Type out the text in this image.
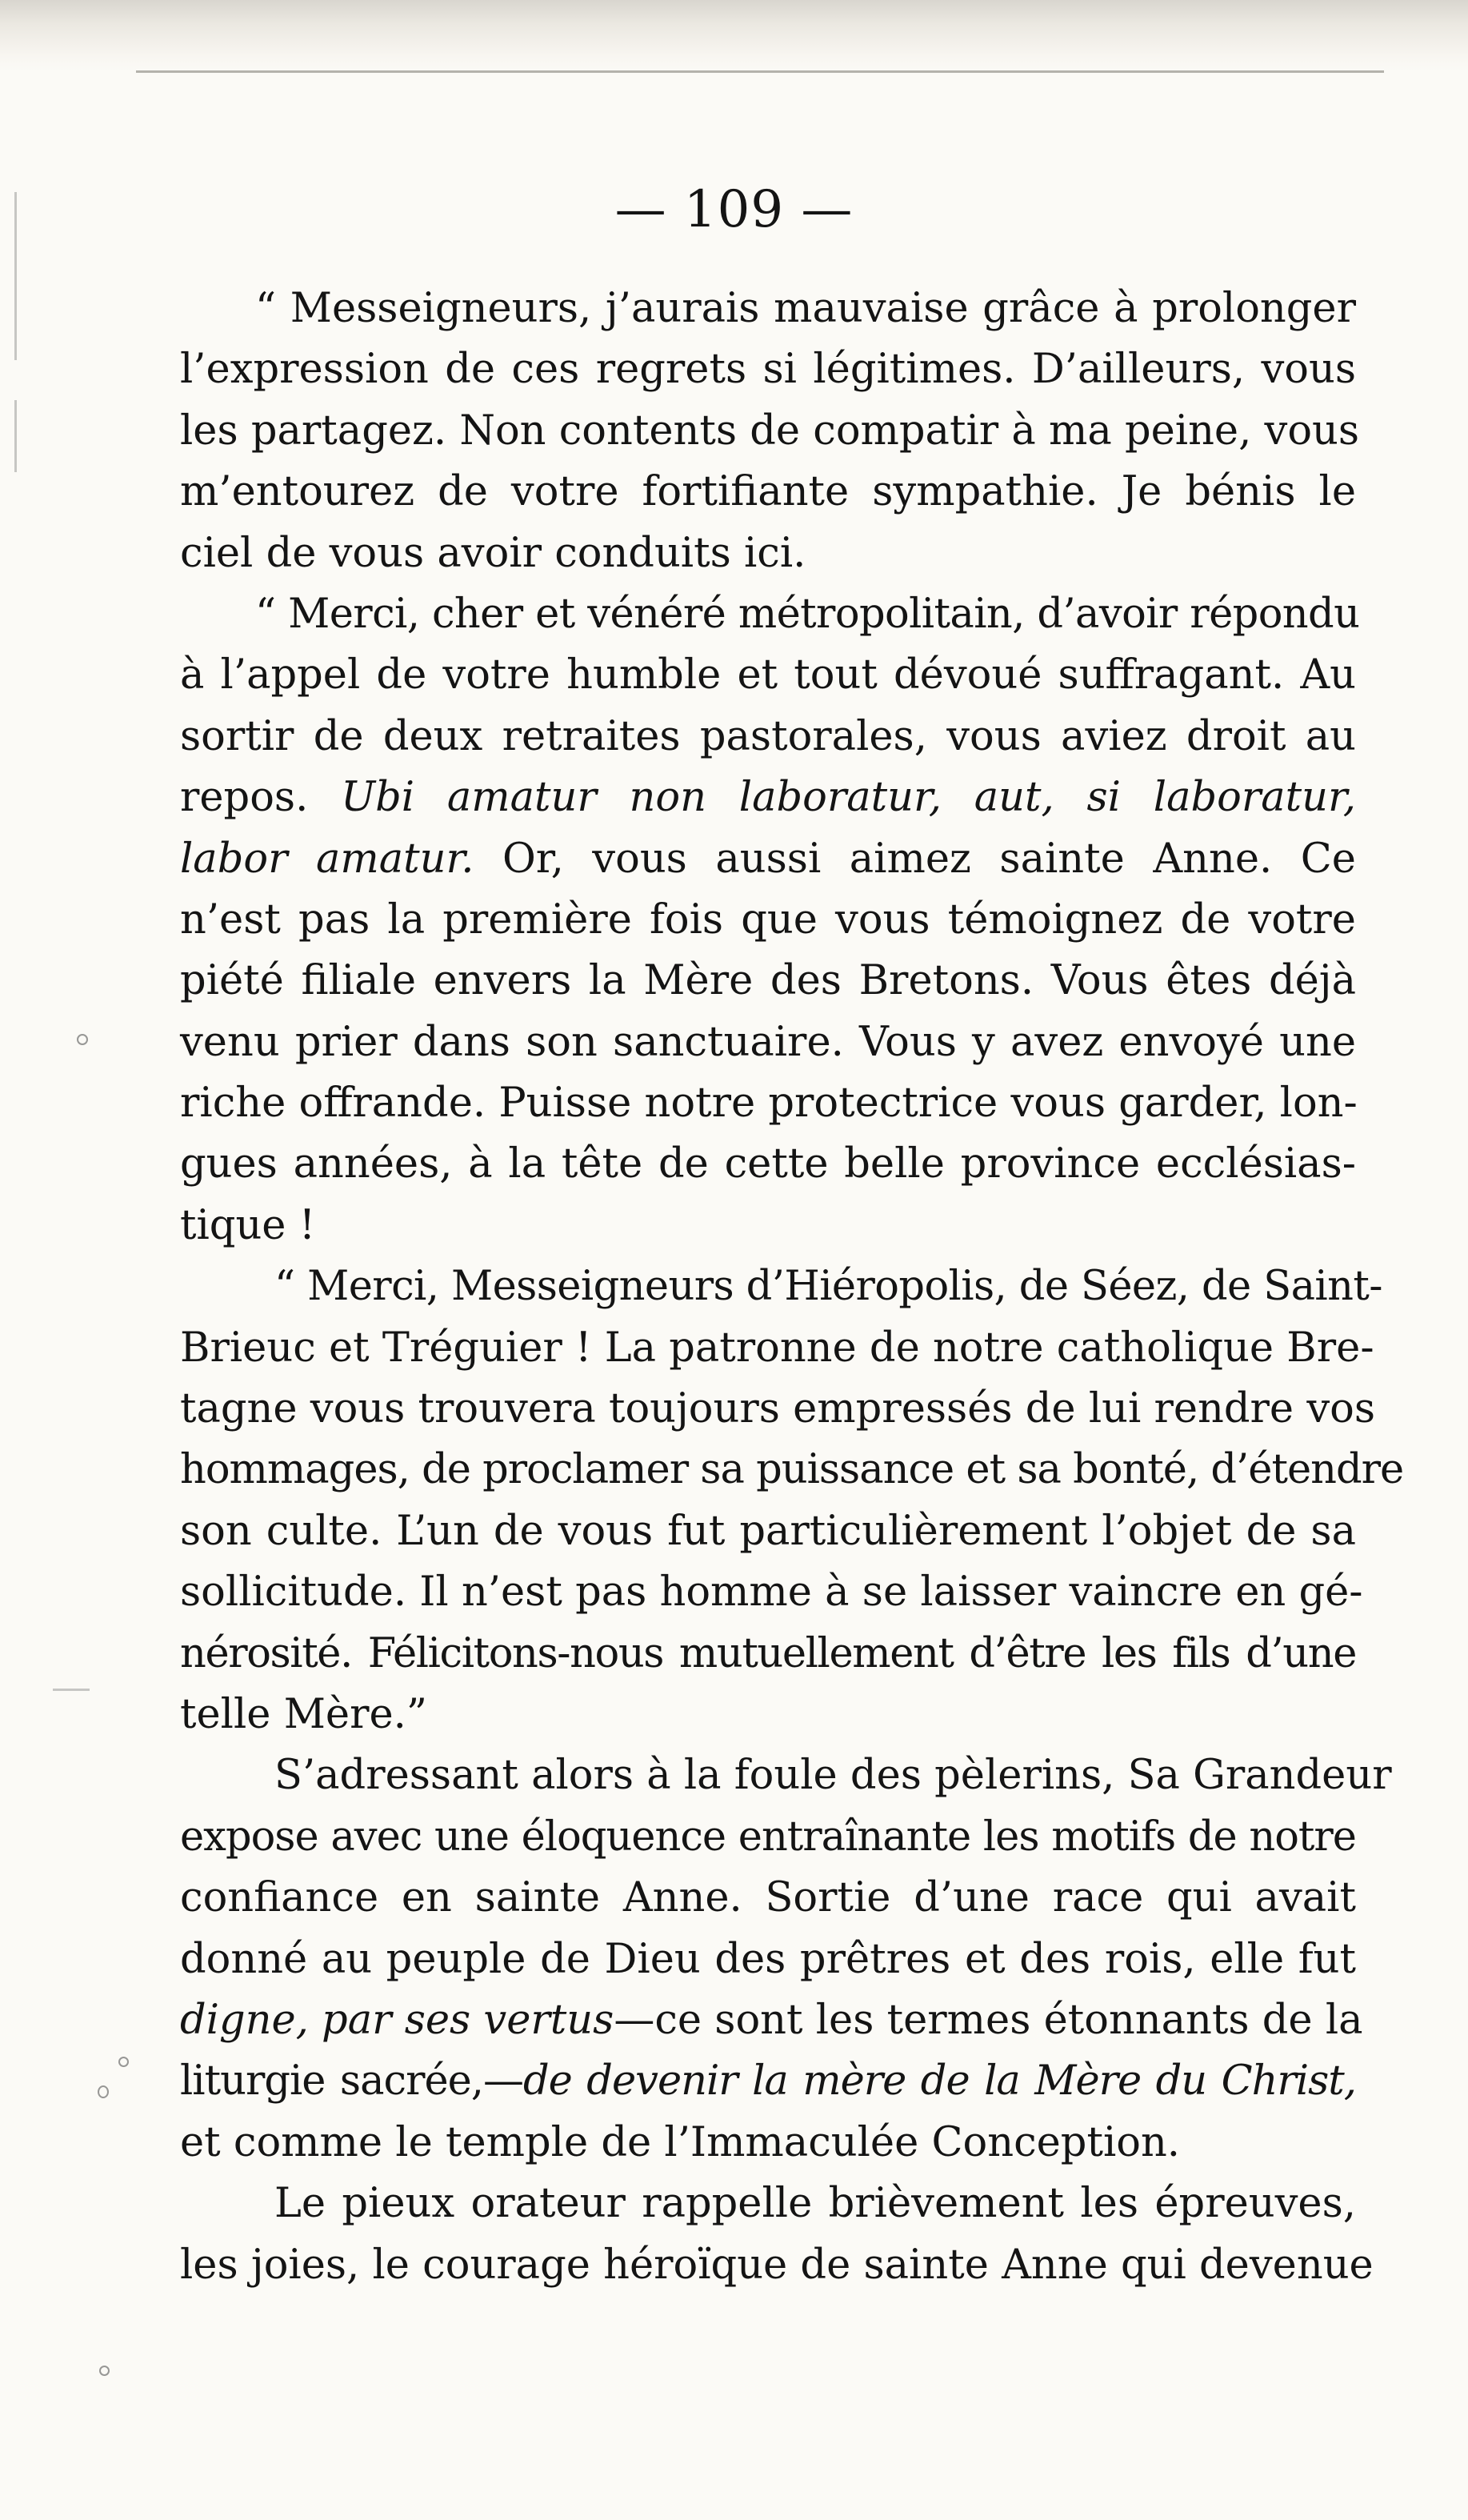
— 109 —
“ Messeigneurs, j’aurais mauvaise grâce à prolonger
l’expression de ces regrets si légitimes. D’ailleurs, vous
les partagez. Non contents de compatir à ma peine, vous
m’entourez de votre fortifiante sympathie. Je bénis le
ciel de vous avoir conduits ici.
“ Merci, cher et vénéré métropolitain, d’avoir répondu
à l’appel de votre humble et tout dévoué suffragant. Au
sortir de deux retraites pastorales, vous aviez droit au
repos. Ubi amatur non laboratur, aut, si laboratur,
labor amatur. Or, vous aussi aimez sainte Anne. Ce
n’est pas la première fois que vous témoignez de votre
piété filiale envers la Mère des Bretons. Vous êtes déjà
venu prier dans son sanctuaire. Vous y avez envoyé une
riche offrande. Puisse notre protectrice vous garder, lon-
gues années, à la tête de cette belle province ecclésias-
tique !
“ Merci, Messeigneurs d’Hiéropolis, de Séez, de Saint-
Brieuc et Tréguier ! La patronne de notre catholique Bre-
tagne vous trouvera toujours empressés de lui rendre vos
hommages, de proclamer sa puissance et sa bonté, d’étendre
son culte. L’un de vous fut particulièrement l’objet de sa
sollicitude. Il n’est pas homme à se laisser vaincre en gé-
nérosité. Félicitons-nous mutuellement d’être les fils d’une
telle Mère.”
S’adressant alors à la foule des pèlerins, Sa Grandeur
expose avec une éloquence entraînante les motifs de notre
confiance en sainte Anne. Sortie d’une race qui avait
donné au peuple de Dieu des prêtres et des rois, elle fut
digne, par ses vertus—ce sont les termes étonnants de la
liturgie sacrée,—de devenir la mère de la Mère du Christ,
et comme le temple de l’Immaculée Conception.
Le pieux orateur rappelle brièvement les épreuves,
les joies, le courage héroïque de sainte Anne qui devenue
